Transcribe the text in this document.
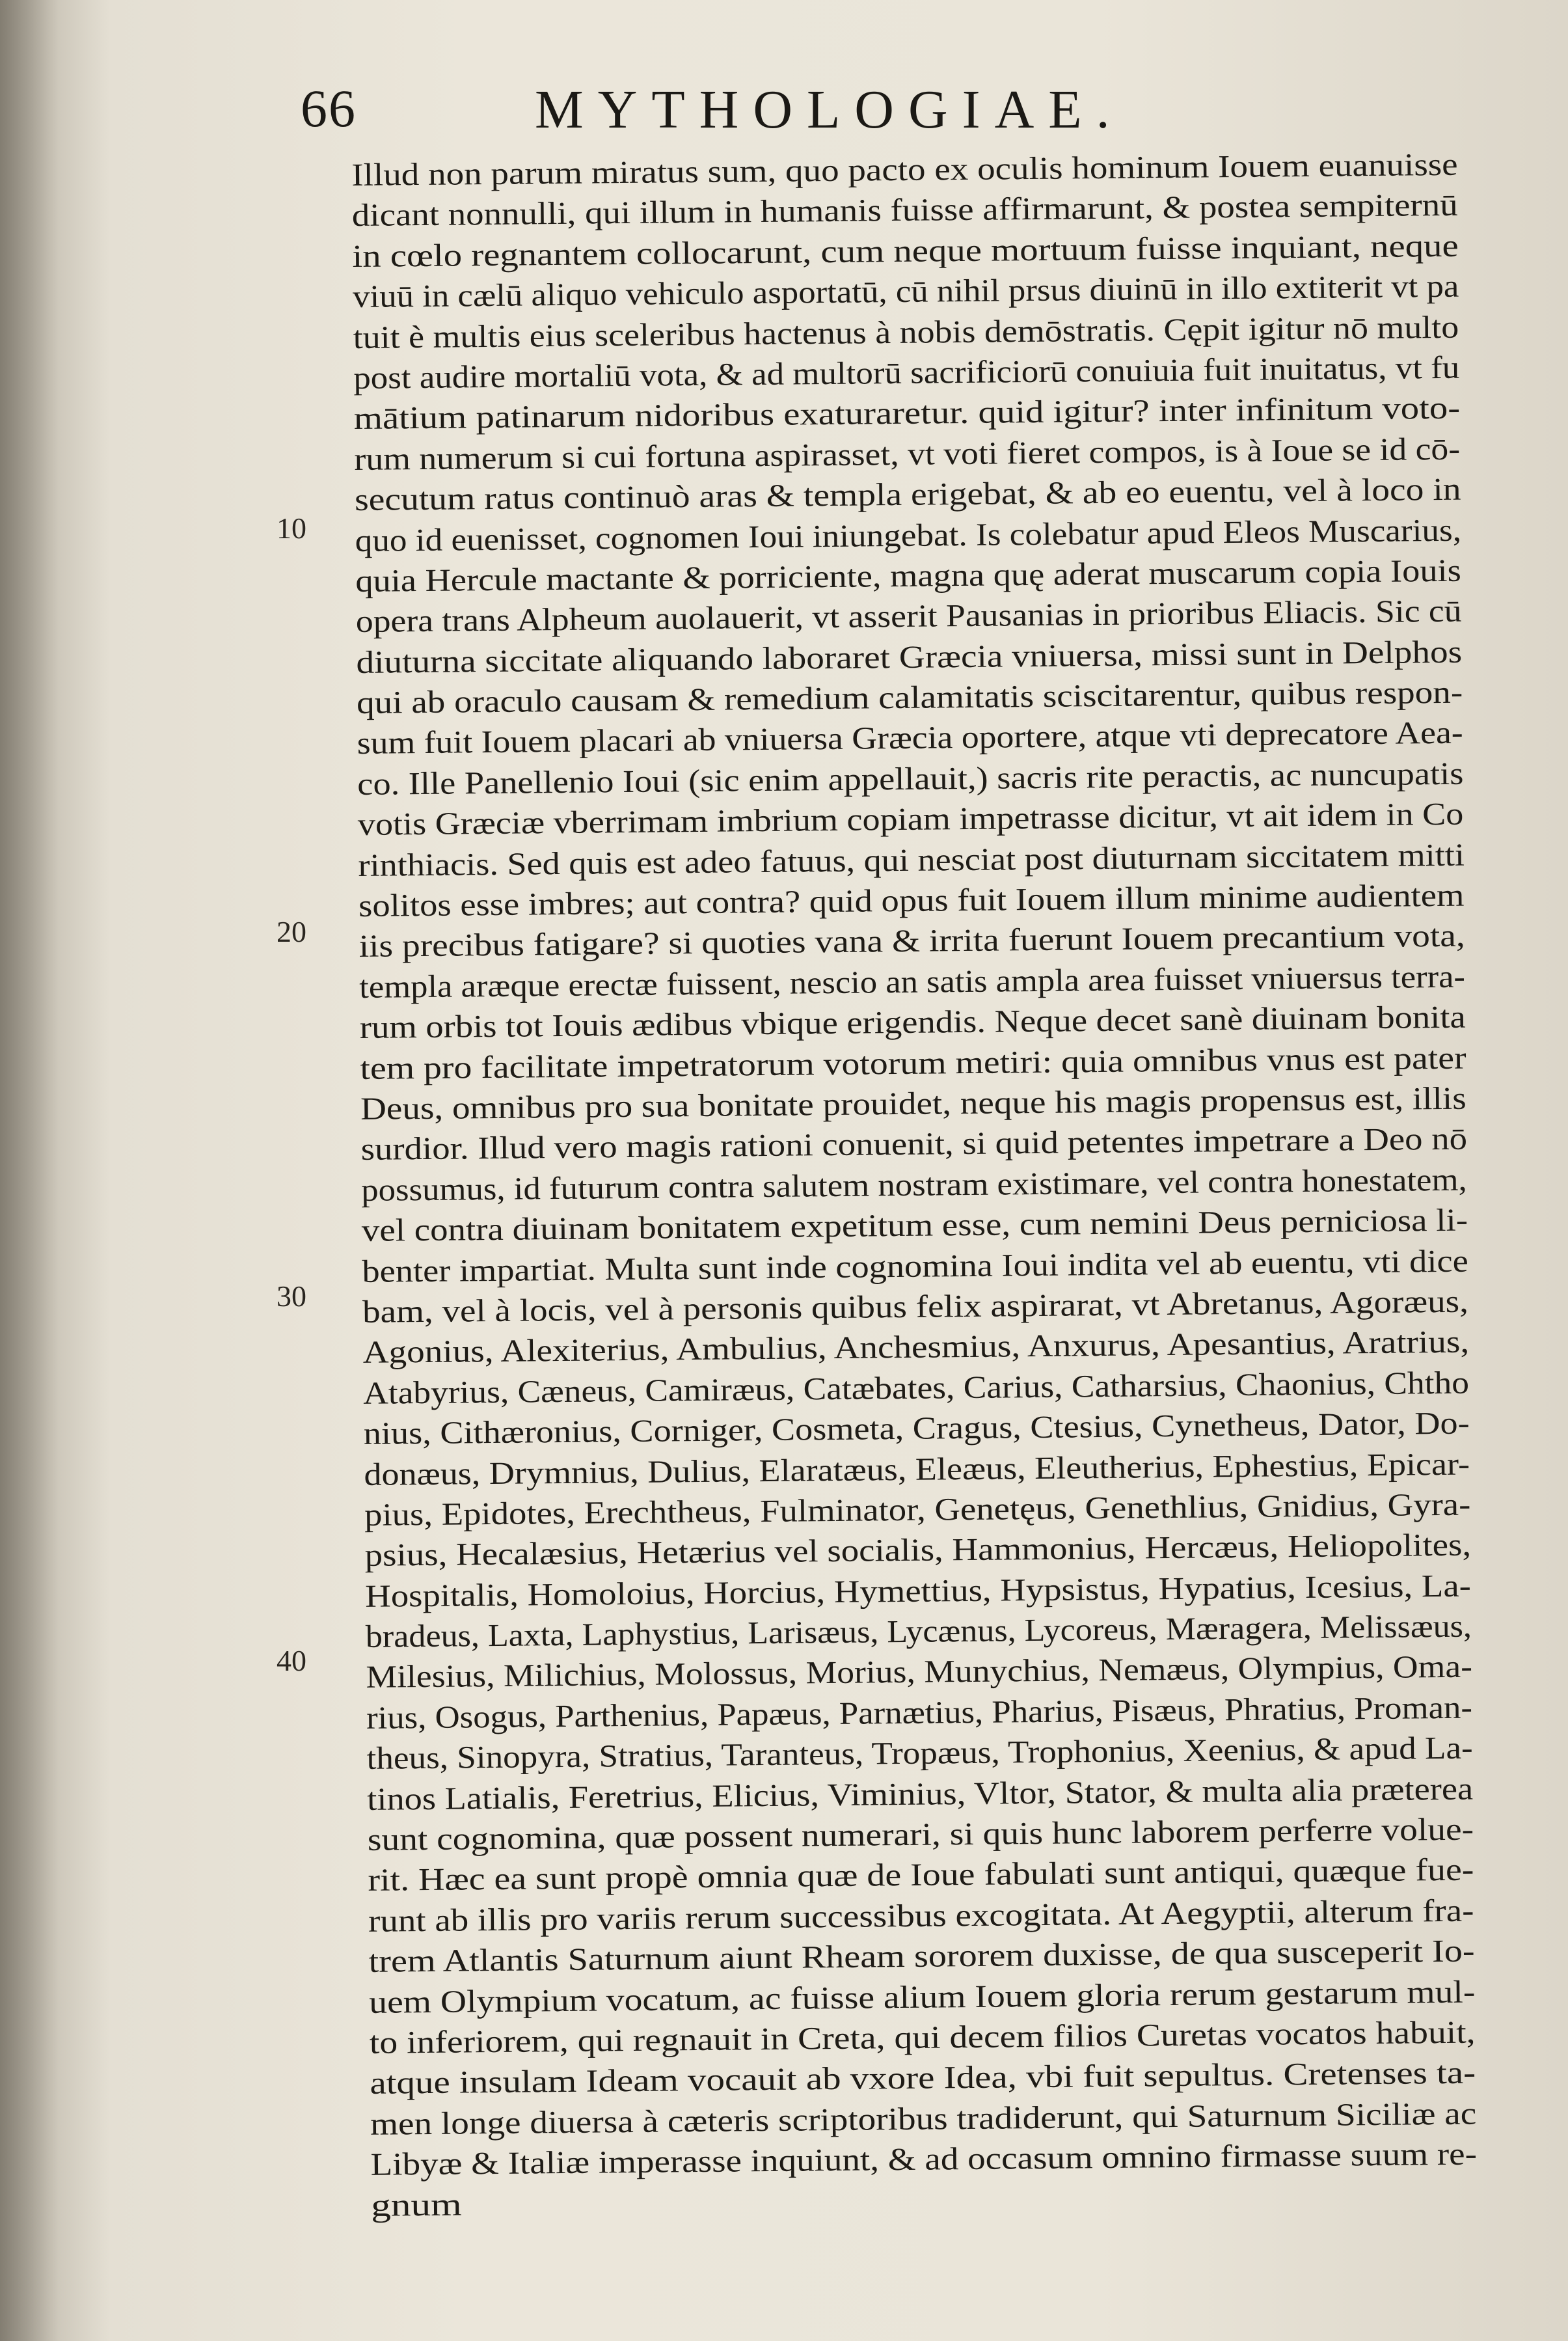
66	MYTHOLOGIAE.
10
20
30
40
Illud non parum miratus sum, quo pacto ex oculis hominum Iouem euanuisse
dicant nonnulli, qui illum in humanis fuisse affirmarunt, & postea sempiternū
in cœlo regnantem collocarunt, cum neque mortuum fuisse inquiant, neque
viuū in cælū aliquo vehiculo asportatū, cū nihil prsus diuinū in illo extiterit vt pa
tuit è multis eius sceleribus hactenus à nobis demōstratis. Cępit igitur nō multo
post audire mortaliū vota, & ad multorū sacrificiorū conuiuia fuit inuitatus, vt fu
mātium patinarum nidoribus exaturaretur. quid igitur? inter infinitum voto-
rum numerum si cui fortuna aspirasset, vt voti fieret compos, is à Ioue se id cō-
secutum ratus continuò aras & templa erigebat, & ab eo euentu, vel à loco in
quo id euenisset, cognomen Ioui iniungebat. Is colebatur apud Eleos Muscarius,
quia Hercule mactante & porriciente, magna quę aderat muscarum copia Iouis
opera trans Alpheum auolauerit, vt asserit Pausanias in prioribus Eliacis. Sic cū
diuturna siccitate aliquando laboraret Græcia vniuersa, missi sunt in Delphos
qui ab oraculo causam & remedium calamitatis sciscitarentur, quibus respon-
sum fuit Iouem placari ab vniuersa Græcia oportere, atque vti deprecatore Aea-
co. Ille Panellenio Ioui (sic enim appellauit,) sacris rite peractis, ac nuncupatis
votis Græciæ vberrimam imbrium copiam impetrasse dicitur, vt ait idem in Co
rinthiacis. Sed quis est adeo fatuus, qui nesciat post diuturnam siccitatem mitti
solitos esse imbres; aut contra? quid opus fuit Iouem illum minime audientem
iis precibus fatigare? si quoties vana & irrita fuerunt Iouem precantium vota,
templa aræque erectæ fuissent, nescio an satis ampla area fuisset vniuersus terra-
rum orbis tot Iouis ædibus vbique erigendis. Neque decet sanè diuinam bonita
tem pro facilitate impetratorum votorum metiri: quia omnibus vnus est pater
Deus, omnibus pro sua bonitate prouidet, neque his magis propensus est, illis
surdior. Illud vero magis rationi conuenit, si quid petentes impetrare a Deo nō
possumus, id futurum contra salutem nostram existimare, vel contra honestatem,
vel contra diuinam bonitatem expetitum esse, cum nemini Deus perniciosa li-
benter impartiat. Multa sunt inde cognomina Ioui indita vel ab euentu, vti dice
bam, vel à locis, vel à personis quibus felix aspirarat, vt Abretanus, Agoræus,
Agonius, Alexiterius, Ambulius, Anchesmius, Anxurus, Apesantius, Aratrius,
Atabyrius, Cæneus, Camiræus, Catæbates, Carius, Catharsius, Chaonius, Chtho
nius, Cithæronius, Corniger, Cosmeta, Cragus, Ctesius, Cynetheus, Dator, Do-
donæus, Drymnius, Dulius, Elaratæus, Eleæus, Eleutherius, Ephestius, Epicar-
pius, Epidotes, Erechtheus, Fulminator, Genetęus, Genethlius, Gnidius, Gyra-
psius, Hecalæsius, Hetærius vel socialis, Hammonius, Hercæus, Heliopolites,
Hospitalis, Homoloius, Horcius, Hymettius, Hypsistus, Hypatius, Icesius, La-
bradeus, Laxta, Laphystius, Larisæus, Lycænus, Lycoreus, Mæragera, Melissæus,
Milesius, Milichius, Molossus, Morius, Munychius, Nemæus, Olympius, Oma-
rius, Osogus, Parthenius, Papæus, Parnætius, Pharius, Pisæus, Phratius, Proman-
theus, Sinopyra, Stratius, Taranteus, Tropæus, Trophonius, Xeenius, & apud La-
tinos Latialis, Feretrius, Elicius, Viminius, Vltor, Stator, & multa alia præterea
sunt cognomina, quæ possent numerari, si quis hunc laborem perferre volue-
rit. Hæc ea sunt propè omnia quæ de Ioue fabulati sunt antiqui, quæque fue-
runt ab illis pro variis rerum successibus excogitata. At Aegyptii, alterum fra-
trem Atlantis Saturnum aiunt Rheam sororem duxisse, de qua susceperit Io-
uem Olympium vocatum, ac fuisse alium Iouem gloria rerum gestarum mul-
to inferiorem, qui regnauit in Creta, qui decem filios Curetas vocatos habuit,
atque insulam Ideam vocauit ab vxore Idea, vbi fuit sepultus. Cretenses ta-
men longe diuersa à cæteris scriptoribus tradiderunt, qui Saturnum Siciliæ ac
Libyæ & Italiæ imperasse inquiunt, & ad occasum omnino firmasse suum re-
gnum
